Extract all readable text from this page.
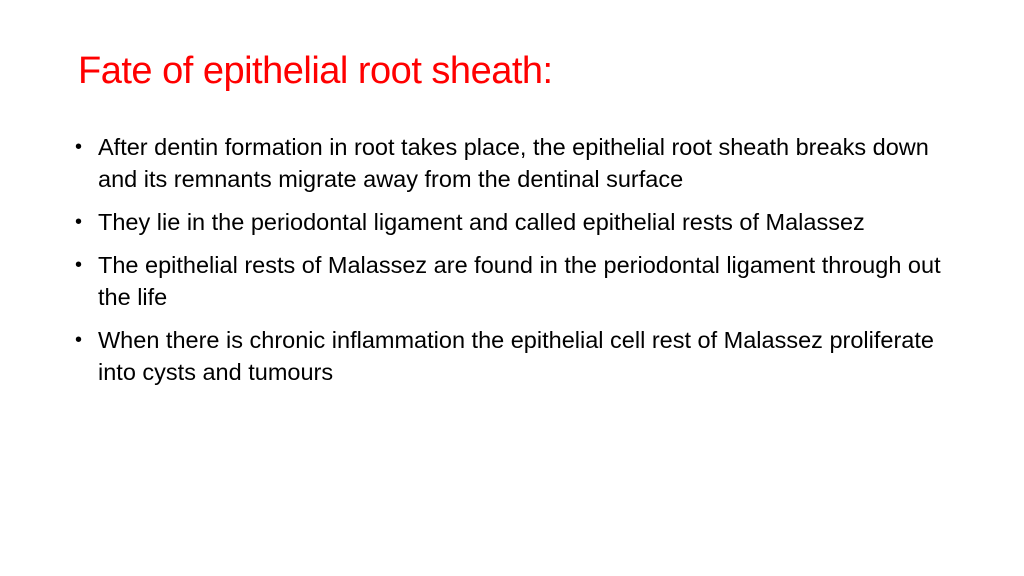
Fate of epithelial root sheath:
• After dentin formation in root takes place, the epithelial root sheath breaks down and its remnants migrate away from the dentinal surface
• They lie in the periodontal ligament and called epithelial rests of Malassez
• The epithelial rests of Malassez are found in the periodontal ligament through out the life
• When there is chronic inflammation the epithelial cell rest of Malassez proliferate into cysts and tumours
